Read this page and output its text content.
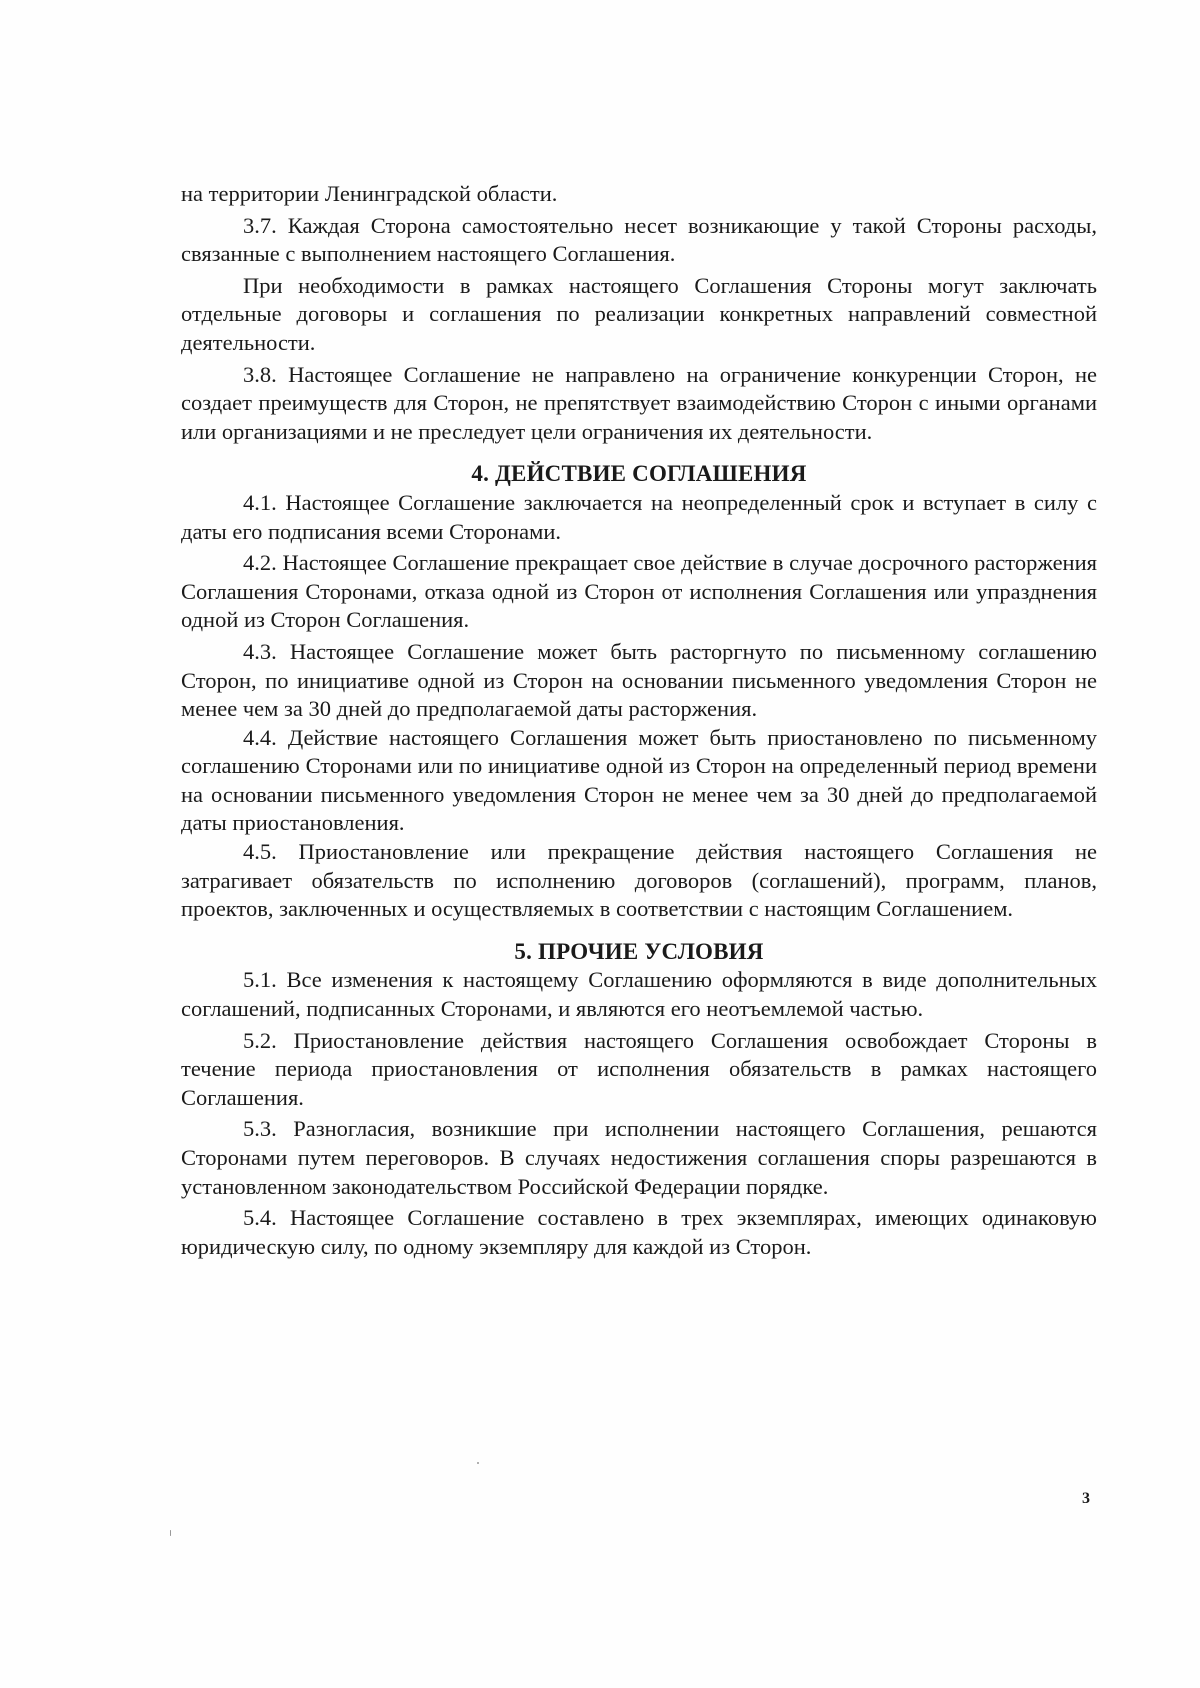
на территории Ленинградской области.

3.7. Каждая Сторона самостоятельно несет возникающие у такой Стороны расходы, связанные с выполнением настоящего Соглашения.

При необходимости в рамках настоящего Соглашения Стороны могут заключать отдельные договоры и соглашения по реализации конкретных направлений совместной деятельности.

3.8. Настоящее Соглашение не направлено на ограничение конкуренции Сторон, не создает преимуществ для Сторон, не препятствует взаимодействию Сторон с иными органами или организациями и не преследует цели ограничения их деятельности.

4. ДЕЙСТВИЕ СОГЛАШЕНИЯ

4.1. Настоящее Соглашение заключается на неопределенный срок и вступает в силу с даты его подписания всеми Сторонами.

4.2. Настоящее Соглашение прекращает свое действие в случае досрочного расторжения Соглашения Сторонами, отказа одной из Сторон от исполнения Соглашения или упразднения одной из Сторон Соглашения.

4.3. Настоящее Соглашение может быть расторгнуто по письменному соглашению Сторон, по инициативе одной из Сторон на основании письменного уведомления Сторон не менее чем за 30 дней до предполагаемой даты расторжения.

4.4. Действие настоящего Соглашения может быть приостановлено по письменному соглашению Сторонами или по инициативе одной из Сторон на определенный период времени на основании письменного уведомления Сторон не менее чем за 30 дней до предполагаемой даты приостановления.

4.5. Приостановление или прекращение действия настоящего Соглашения не затрагивает обязательств по исполнению договоров (соглашений), программ, планов, проектов, заключенных и осуществляемых в соответствии с настоящим Соглашением.

5. ПРОЧИЕ УСЛОВИЯ

5.1. Все изменения к настоящему Соглашению оформляются в виде дополнительных соглашений, подписанных Сторонами, и являются его неотъемлемой частью.

5.2. Приостановление действия настоящего Соглашения освобождает Стороны в течение периода приостановления от исполнения обязательств в рамках настоящего Соглашения.

5.3. Разногласия, возникшие при исполнении настоящего Соглашения, решаются Сторонами путем переговоров. В случаях недостижения соглашения споры разрешаются в установленном законодательством Российской Федерации порядке.

5.4. Настоящее Соглашение составлено в трех экземплярах, имеющих одинаковую юридическую силу, по одному экземпляру для каждой из Сторон.

3
